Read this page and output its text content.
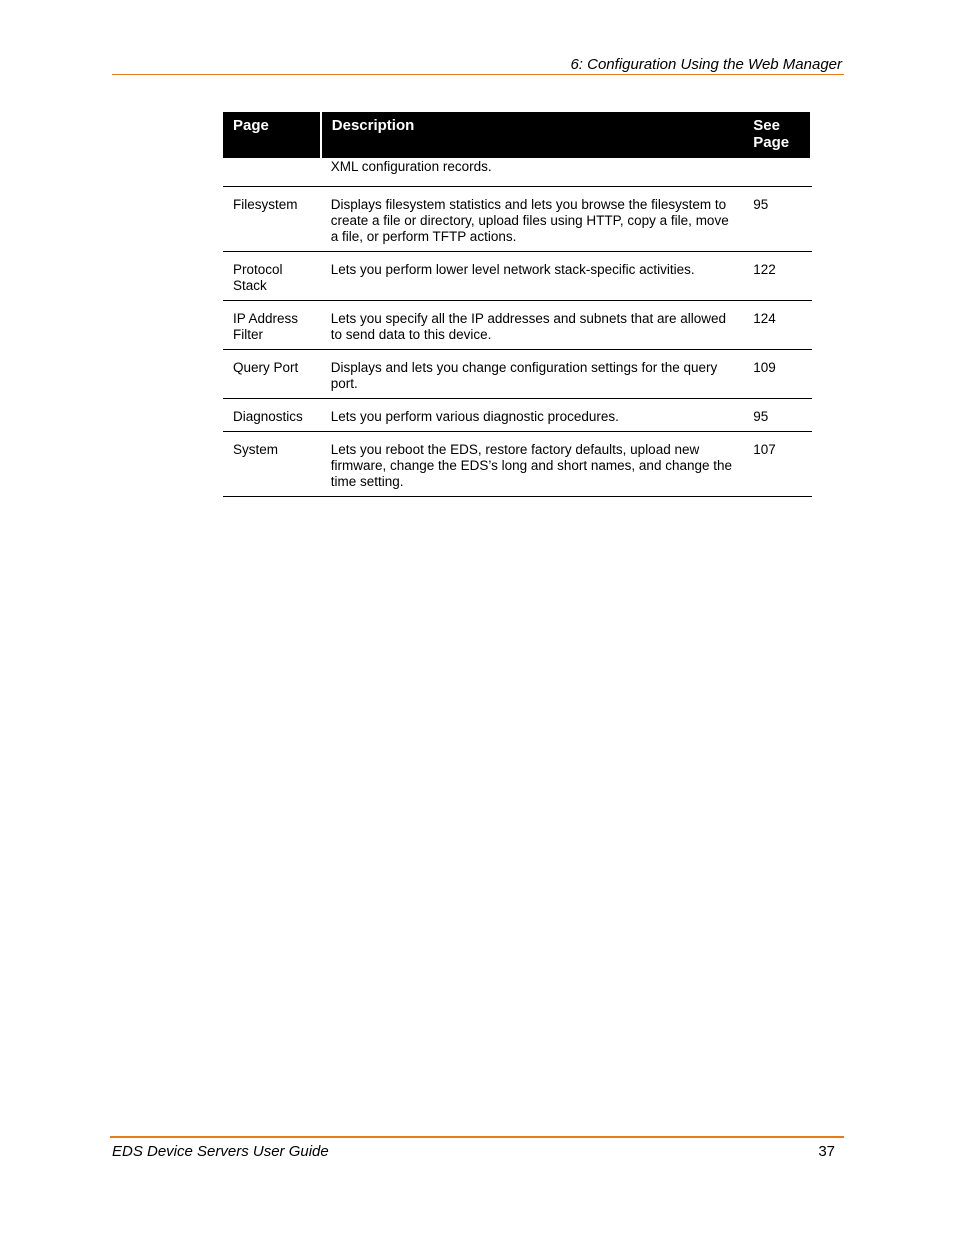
6: Configuration Using the Web Manager
Page	Description	See Page
	XML configuration records.	
Filesystem	Displays filesystem statistics and lets you browse the filesystem to create a file or directory, upload files using HTTP, copy a file, move a file, or perform TFTP actions.	95
Protocol Stack	Lets you perform lower level network stack-specific activities.	122
IP Address Filter	Lets you specify all the IP addresses and subnets that are allowed to send data to this device.	124
Query Port	Displays and lets you change configuration settings for the query port.	109
Diagnostics	Lets you perform various diagnostic procedures.	95
System	Lets you reboot the EDS, restore factory defaults, upload new firmware, change the EDS’s long and short names, and change the time setting.	107
EDS Device Servers User Guide	37
